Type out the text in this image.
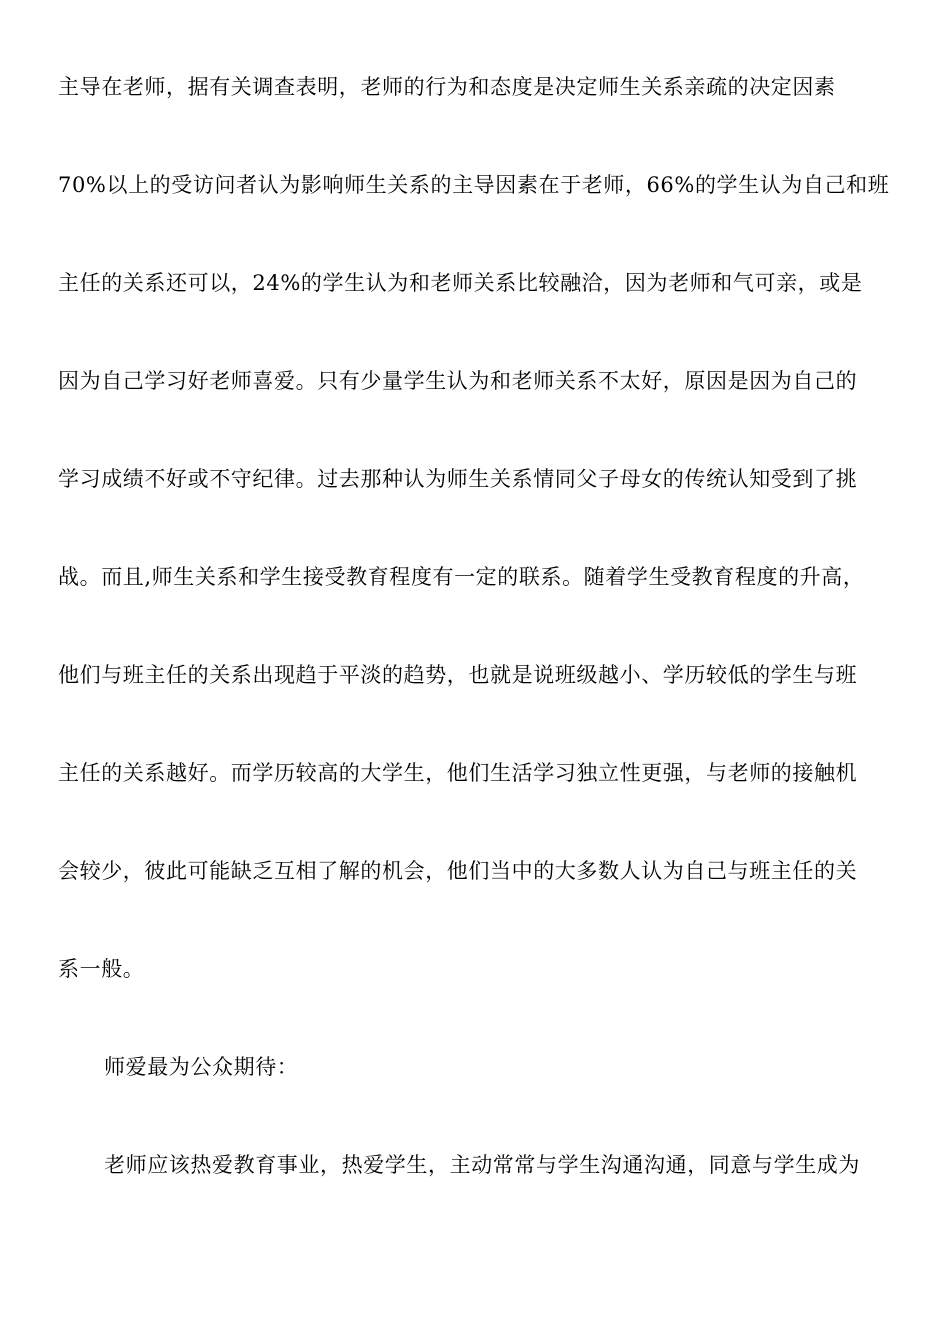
主导在老师，据有关调查表明，老师的行为和态度是决定师生关系亲疏的决定因素
70%以上的受访问者认为影响师生关系的主导因素在于老师，66%的学生认为自己和班
主任的关系还可以，24%的学生认为和老师关系比较融洽，因为老师和气可亲，或是
因为自己学习好老师喜爱。只有少量学生认为和老师关系不太好，原因是因为自己的
学习成绩不好或不守纪律。过去那种认为师生关系情同父子母女的传统认知受到了挑
战。而且,师生关系和学生接受教育程度有一定的联系。随着学生受教育程度的升高，
他们与班主任的关系出现趋于平淡的趋势，也就是说班级越小、学历较低的学生与班
主任的关系越好。而学历较高的大学生，他们生活学习独立性更强，与老师的接触机
会较少，彼此可能缺乏互相了解的机会，他们当中的大多数人认为自己与班主任的关
系一般。
师爱最为公众期待：
老师应该热爱教育事业，热爱学生，主动常常与学生沟通沟通，同意与学生成为
